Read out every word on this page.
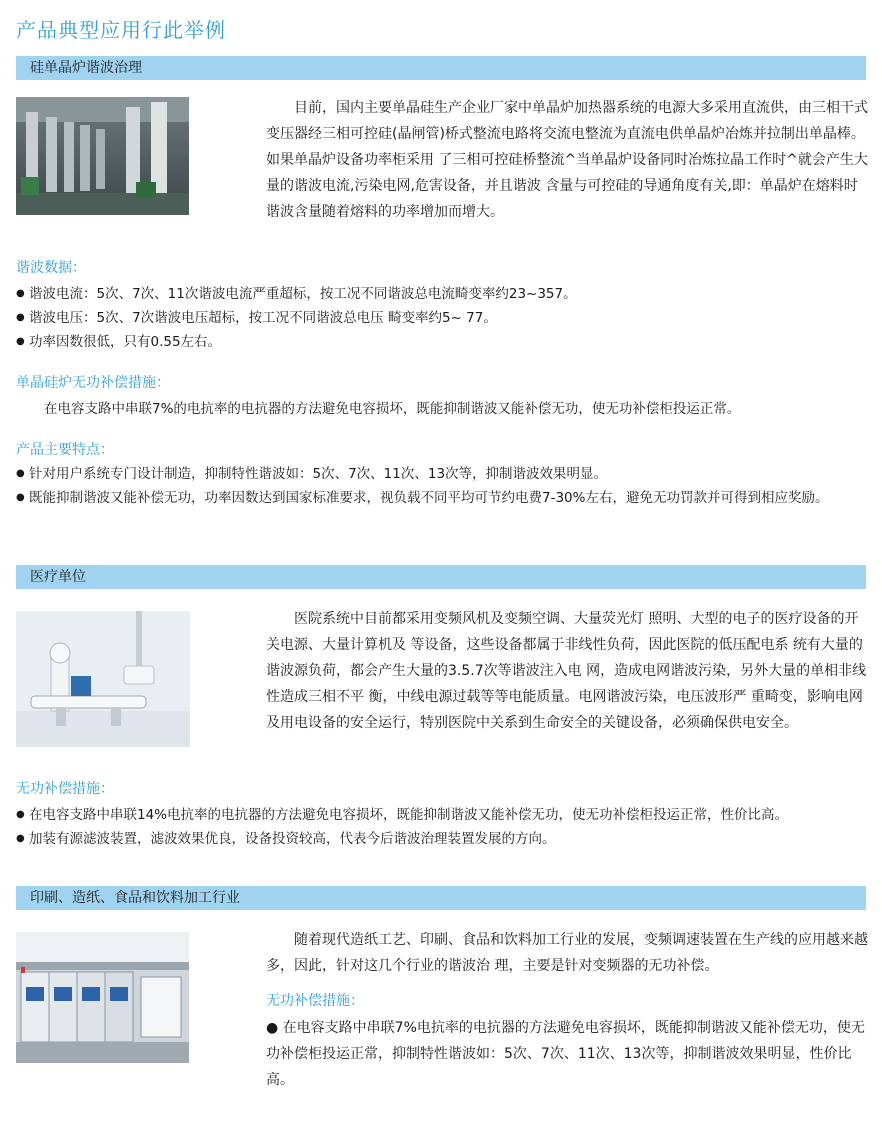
产品典型应用行此举例
硅单晶炉谐波治理

目前，国内主要单晶硅生产企业厂家中单晶炉加热器系统的电源大多采用直流供，由三相干式变压器经三相可控硅(晶闸管)桥式整流电路将交流电整流为直流电供单晶炉冶炼并拉制出单晶棒。如果单晶炉设备功率柜采用 了三相可控硅桥整流^当单晶炉设备同时冶炼拉晶工作时^就会产生大量的谐波电流,污染电网,危害设备，并且谐波 含量与可控硅的导通角度有关,即：单晶炉在熔料时谐波含量随着熔料的功率增加而增大。

谐波数据：
● 谐波电流：5次、7次、11次谐波电流严重超标，按工况不同谐波总电流畸变率约23~357。
● 谐波电压：5次、7次谐波电压超标，按工况不同谐波总电压 畸变率约5~ 77。
● 功率因数很低，只有0.55左右。
单晶硅炉无功补偿措施：

在电容支路中串联7%的电抗率的电抗器的方法避免电容损坏，既能抑制谐波又能补偿无功，使无功补偿柜投运正常。

产品主要特点：
● 针对用户系统专门设计制造，抑制特性谐波如：5次、7次、11次、13次等，抑制谐波效果明显。
● 既能抑制谐波又能补偿无功，功率因数达到国家标准要求，视负载不同平均可节约电费7-30%左右，避免无功罚款并可得到相应奖励。
医疗单位

医院系统中目前都采用变频风机及变频空调、大量荧光灯 照明、大型的电子的医疗设备的开关电源、大量计算机及 等设备，这些设备都属于非线性负荷，因此医院的低压配电系 统有大量的谐波源负荷，都会产生大量的3.5.7次等谐波注入电 网，造成电网谐波污染，另外大量的单相非线性造成三相不平 衡，中线电源过载等等电能质量。电网谐波污染，电压波形严 重畸变，影响电网及用电设备的安全运行，特别医院中关系到生命安全的关键设备，必须确保供电安全。

无功补偿措施：
● 在电容支路中串联14%电抗率的电抗器的方法避免电容损坏，既能抑制谐波又能补偿无功，使无功补偿柜投运正常，性价比高。
● 加装有源滤波装置，滤波效果优良，设备投资较高，代表今后谐波治理装置发展的方向。
印刷、造纸、食品和饮料加工行业

随着现代造纸工艺、印刷、食品和饮料加工行业的发展，变频调速装置在生产线的应用越来越多，因此，针对这几个行业的谐波治 理，主要是针对变频器的无功补偿。

无功补偿措施：

● 在电容支路中串联7%电抗率的电抗器的方法避免电容损坏，既能抑制谐波又能补偿无功，使无功补偿柜投运正常，抑制特性谐波如：5次、7次、11次、13次等，抑制谐波效果明显，性价比高。
